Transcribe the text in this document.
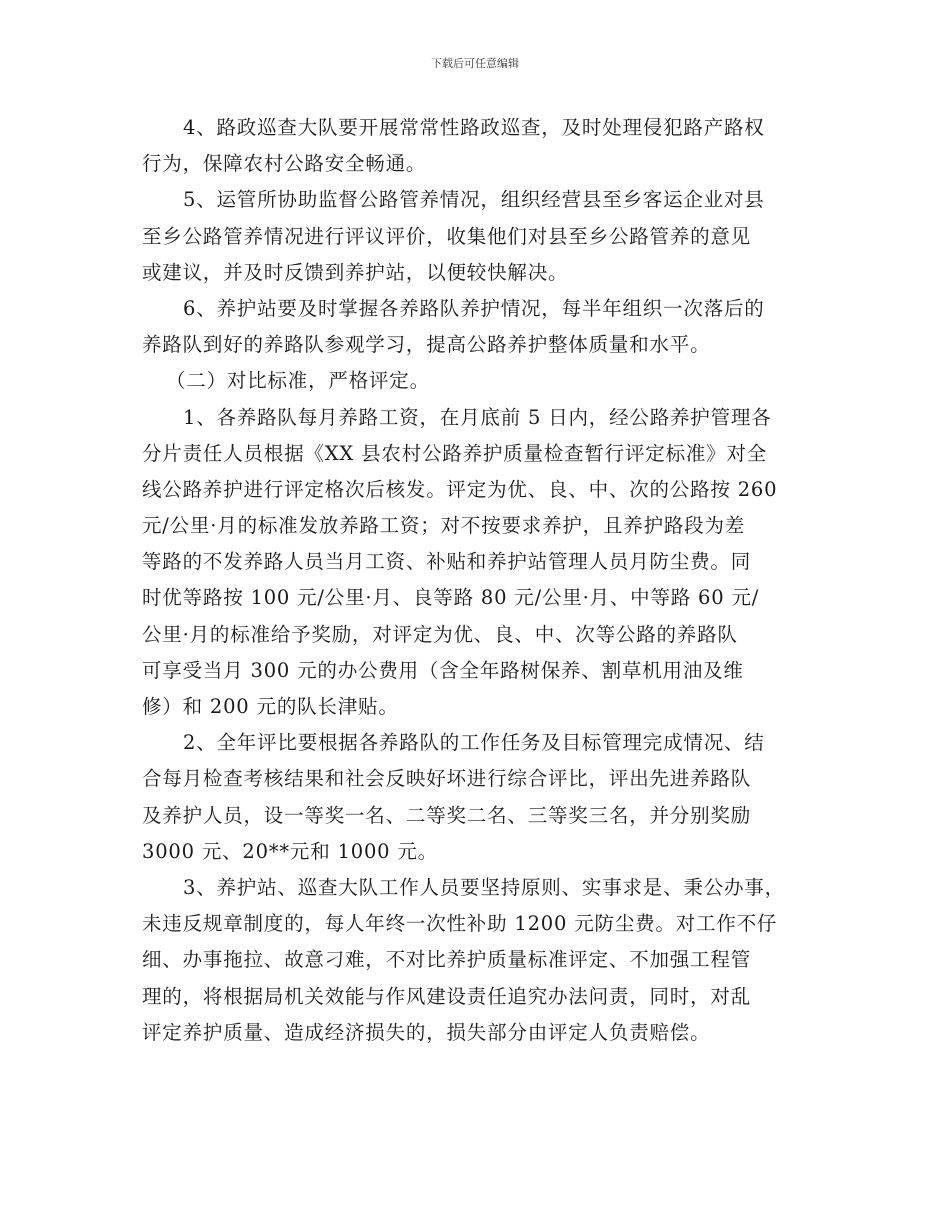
下载后可任意编辑
4、路政巡查大队要开展常常性路政巡查，及时处理侵犯路产路权
行为，保障农村公路安全畅通。
5、运管所协助监督公路管养情况，组织经营县至乡客运企业对县
至乡公路管养情况进行评议评价，收集他们对县至乡公路管养的意见
或建议，并及时反馈到养护站，以便较快解决。
6、养护站要及时掌握各养路队养护情况，每半年组织一次落后的
养路队到好的养路队参观学习，提高公路养护整体质量和水平。
（二）对比标准，严格评定。
1、各养路队每月养路工资，在月底前 5 日内，经公路养护管理各
分片责任人员根据《XX 县农村公路养护质量检查暂行评定标准》对全
线公路养护进行评定格次后核发。评定为优、良、中、次的公路按 260
元/公里·月的标准发放养路工资；对不按要求养护，且养护路段为差
等路的不发养路人员当月工资、补贴和养护站管理人员月防尘费。同
时优等路按 100 元/公里·月、良等路 80 元/公里·月、中等路 60 元/
公里·月的标准给予奖励，对评定为优、良、中、次等公路的养路队
可享受当月 300 元的办公费用（含全年路树保养、割草机用油及维
修）和 200 元的队长津贴。
2、全年评比要根据各养路队的工作任务及目标管理完成情况、结
合每月检查考核结果和社会反映好坏进行综合评比，评出先进养路队
及养护人员，设一等奖一名、二等奖二名、三等奖三名，并分别奖励
3000 元、20**元和 1000 元。
3、养护站、巡查大队工作人员要坚持原则、实事求是、秉公办事，
未违反规章制度的，每人年终一次性补助 1200 元防尘费。对工作不仔
细、办事拖拉、故意刁难，不对比养护质量标准评定、不加强工程管
理的，将根据局机关效能与作风建设责任追究办法问责，同时，对乱
评定养护质量、造成经济损失的，损失部分由评定人负责赔偿。
